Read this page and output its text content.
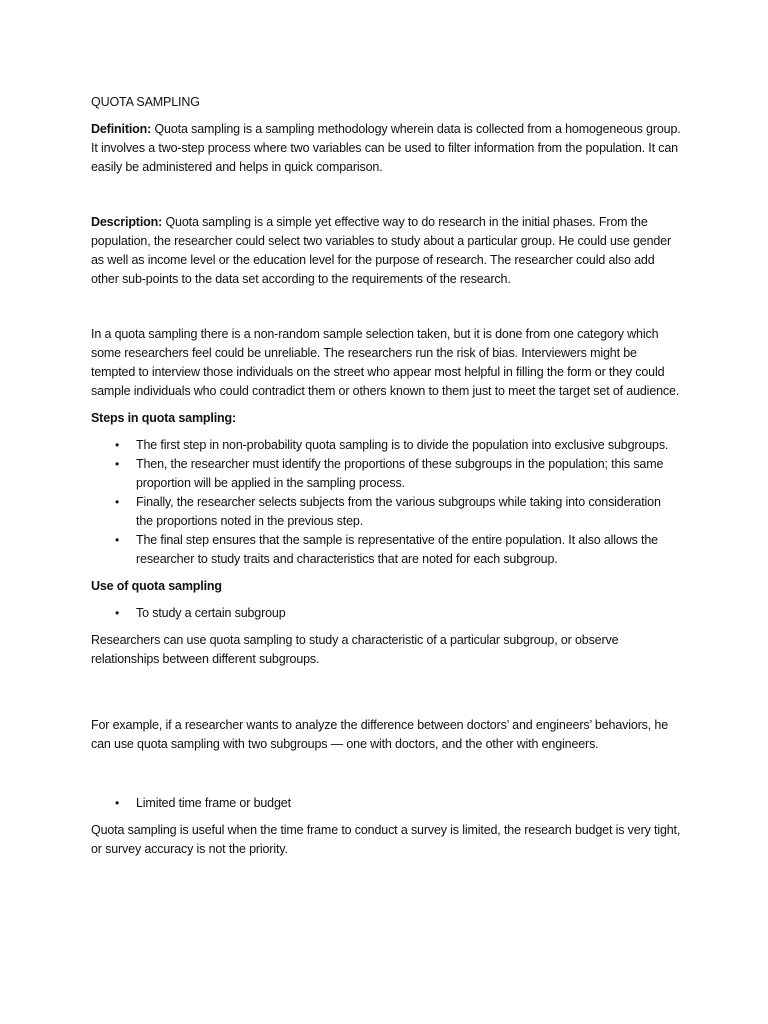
QUOTA SAMPLING

Definition: Quota sampling is a sampling methodology wherein data is collected from a homogeneous group. It involves a two-step process where two variables can be used to filter information from the population. It can easily be administered and helps in quick comparison.

Description: Quota sampling is a simple yet effective way to do research in the initial phases. From the population, the researcher could select two variables to study about a particular group. He could use gender as well as income level or the education level for the purpose of research. The researcher could also add other sub-points to the data set according to the requirements of the research.

In a quota sampling there is a non-random sample selection taken, but it is done from one category which some researchers feel could be unreliable. The researchers run the risk of bias. Interviewers might be tempted to interview those individuals on the street who appear most helpful in filling the form or they could sample individuals who could contradict them or others known to them just to meet the target set of audience.

Steps in quota sampling:

• The first step in non-probability quota sampling is to divide the population into exclusive subgroups.
• Then, the researcher must identify the proportions of these subgroups in the population; this same proportion will be applied in the sampling process.
• Finally, the researcher selects subjects from the various subgroups while taking into consideration the proportions noted in the previous step.
• The final step ensures that the sample is representative of the entire population. It also allows the researcher to study traits and characteristics that are noted for each subgroup.

Use of quota sampling

• To study a certain subgroup

Researchers can use quota sampling to study a characteristic of a particular subgroup, or observe relationships between different subgroups.

For example, if a researcher wants to analyze the difference between doctors’ and engineers’ behaviors, he can use quota sampling with two subgroups — one with doctors, and the other with engineers.

• Limited time frame or budget

Quota sampling is useful when the time frame to conduct a survey is limited, the research budget is very tight, or survey accuracy is not the priority.
